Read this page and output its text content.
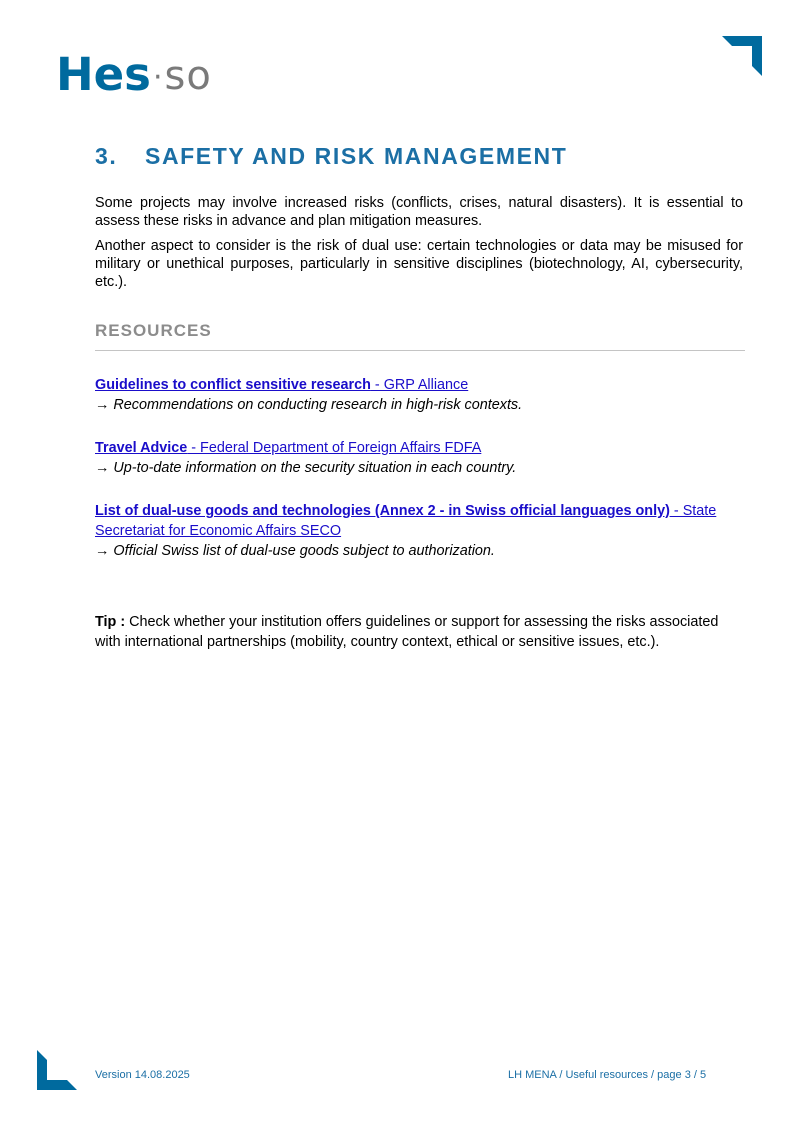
Hes · so
3. SAFETY AND RISK MANAGEMENT
Some projects may involve increased risks (conflicts, crises, natural disasters). It is essential to assess these risks in advance and plan mitigation measures.
Another aspect to consider is the risk of dual use: certain technologies or data may be misused for military or unethical purposes, particularly in sensitive disciplines (biotechnology, AI, cybersecurity, etc.).
RESOURCES
Guidelines to conflict sensitive research - GRP Alliance
→ Recommendations on conducting research in high-risk contexts.
Travel Advice - Federal Department of Foreign Affairs FDFA
→ Up-to-date information on the security situation in each country.
List of dual-use goods and technologies (Annex 2 - in Swiss official languages only) - State Secretariat for Economic Affairs SECO
→ Official Swiss list of dual-use goods subject to authorization.
Tip : Check whether your institution offers guidelines or support for assessing the risks associated with international partnerships (mobility, country context, ethical or sensitive issues, etc.).
Version 14.08.2025	LH MENA / Useful resources / page 3 / 5
